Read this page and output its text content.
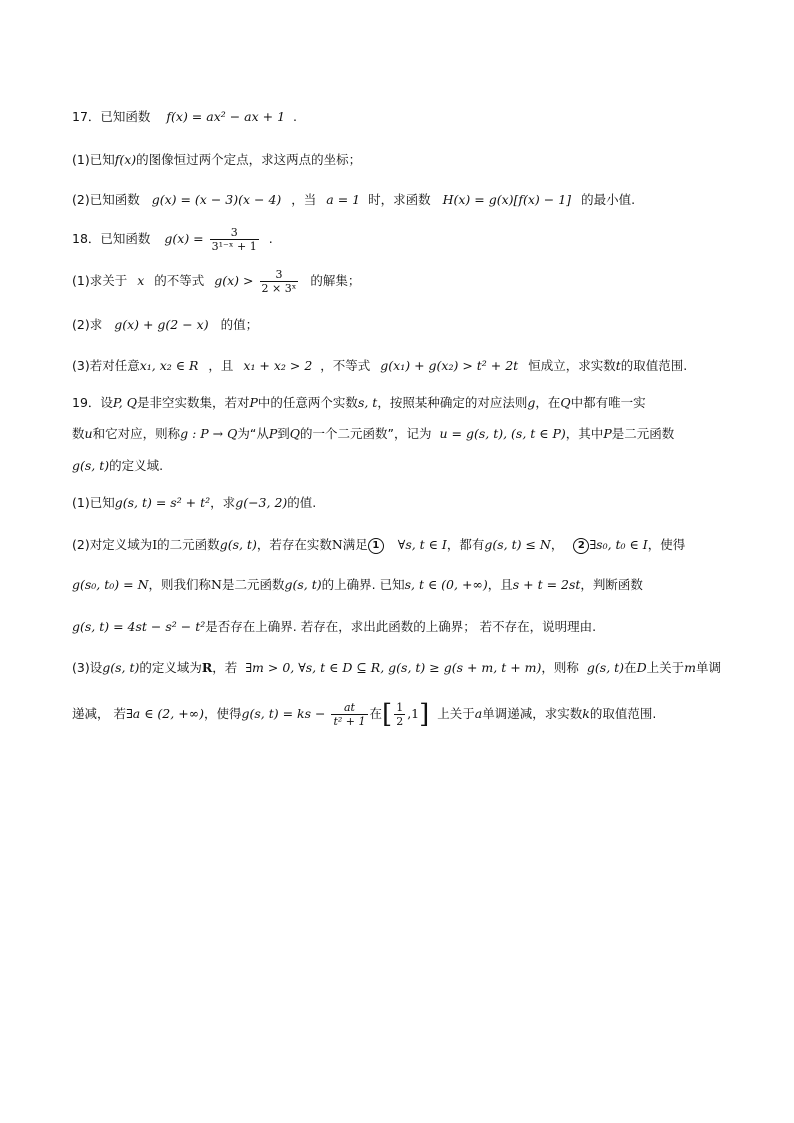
17．已知函数 f(x) = ax² − ax + 1 .
(1)已知f(x)的图像恒过两个定点，求这两点的坐标；
(2)已知函数 g(x) = (x − 3)(x − 4) ，当 a = 1 时，求函数 H(x) = g(x)[f(x) − 1] 的最小值.
18．已知函数 $g(x) = \frac{3}{\text{3¹⁻ˣ + 1}}$ .
(1)求关于 x 的不等式 $g(x) > \frac{3}{\text{2 × 3ˣ}}$ 的解集；
(2)求 g(x) + g(2 − x) 的值；
(3)若对任意x₁, x₂ ∈ R ，且 x₁ + x₂ > 2 ，不等式 g(x₁) + g(x₂) > t² + 2t 恒成立，求实数t的取值范围.
19．设P, Q是非空实数集，若对P中的任意两个实数s, t，按照某种确定的对应法则g，在Q中都有唯一实
数u和它对应，则称g : P → Q为“从P到Q的一个二元函数”，记为 u = g(s, t), (s, t ∈ P)，其中P是二元函数
g(s, t)的定义域.
(1)已知g(s, t) = s² + t²，求g(−3, 2)的值.
(2)对定义域为I的二元函数g(s, t)，若存在实数N满足 1 ∀s, t ∈ I，都有g(s, t) ≤ N， 2 ∃s₀, t₀ ∈ I，使得
g(s₀, t₀) = N，则我们称N是二元函数g(s, t)的上确界. 已知s, t ∈ (0, +∞)，且s + t = 2st，判断函数
g(s, t) = 4st − s² − t²是否存在上确界. 若存在，求出此函数的上确界； 若不存在，说明理由.
(3)设g(s, t)的定义域为R，若 ∃m > 0, ∀s, t ∈ D ⊆ R, g(s, t) ≥ g(s + m, t + m)，则称 g(s, t)在D上关于m单调
递减， 若∃a ∈ (2, +∞)，使得g(s, t) = ks − $\frac{at}{\text{t² + 1}}$ 在[ $\frac{1}{2} ,1$] 上关于a单调递减，求实数k的取值范围.
